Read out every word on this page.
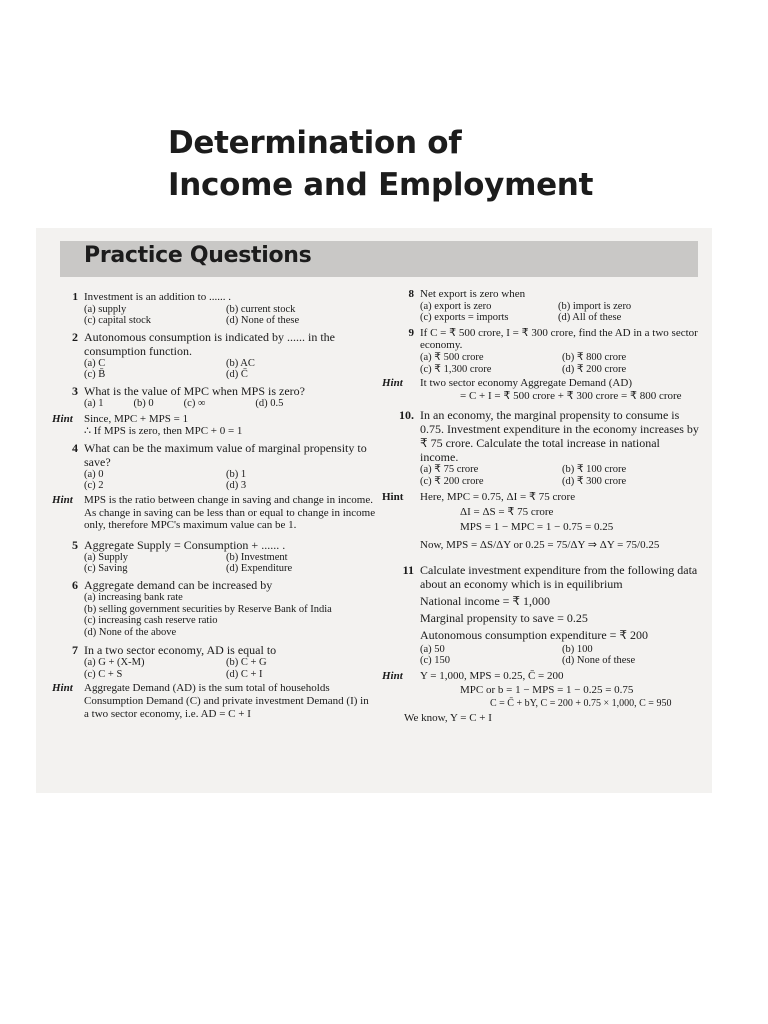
Determination of
Income and Employment
Practice Questions
1 Investment is an addition to ...... .
(a) supply	(b) current stock
(c) capital stock	(d) None of these
2 Autonomous consumption is indicated by ...... in the consumption function.
(a) C	(b) AC
(c) B̄	(d) C̄
3 What is the value of MPC when MPS is zero?
(a) 1	(b) 0	(c) ∞	(d) 0.5
Hint Since, MPC + MPS = 1
∴ If MPS is zero, then MPC + 0 = 1
4 What can be the maximum value of marginal propensity to save?
(a) 0	(b) 1
(c) 2	(d) 3
Hint MPS is the ratio between change in saving and change in income. As change in saving can be less than or equal to change in income only, therefore MPC's maximum value can be 1.
5 Aggregate Supply = Consumption + ...... .
(a) Supply	(b) Investment
(c) Saving	(d) Expenditure
6 Aggregate demand can be increased by
(a) increasing bank rate
(b) selling government securities by Reserve Bank of India
(c) increasing cash reserve ratio
(d) None of the above
7 In a two sector economy, AD is equal to
(a) G + (X-M)	(b) C + G
(c) C + S	(d) C + I
Hint Aggregate Demand (AD) is the sum total of households Consumption Demand (C) and private investment Demand (I) in a two sector economy, i.e. AD = C + I
8 Net export is zero when
(a) export is zero	(b) import is zero
(c) exports = imports	(d) All of these
9 If C = ₹ 500 crore, I = ₹ 300 crore, find the AD in a two sector economy.
(a) ₹ 500 crore	(b) ₹ 800 crore
(c) ₹ 1,300 crore	(d) ₹ 200 crore
Hint It two sector economy Aggregate Demand (AD)
= C + I = ₹ 500 crore + ₹ 300 crore = ₹ 800 crore
10. In an economy, the marginal propensity to consume is 0.75. Investment expenditure in the economy increases by ₹ 75 crore. Calculate the total increase in national income.
(a) ₹ 75 crore	(b) ₹ 100 crore
(c) ₹ 200 crore	(d) ₹ 300 crore
Hint Here, MPC = 0.75, ΔI = ₹ 75 crore
ΔI = ΔS = ₹ 75 crore
MPS = 1 − MPC = 1 − 0.75 = 0.25
Now, MPS = ΔS/ΔY or 0.25 = 75/ΔY ⇒ ΔY = 75/0.25
11 Calculate investment expenditure from the following data about an economy which is in equilibrium
National income = ₹ 1,000
Marginal propensity to save = 0.25
Autonomous consumption expenditure = ₹ 200
(a) 50	(b) 100
(c) 150	(d) None of these
Hint Y = 1,000, MPS = 0.25, C̄ = 200
MPC or b = 1 − MPS = 1 − 0.25 = 0.75
C = C̄ + bY, C = 200 + 0.75 × 1,000, C = 950
We know, Y = C + I
